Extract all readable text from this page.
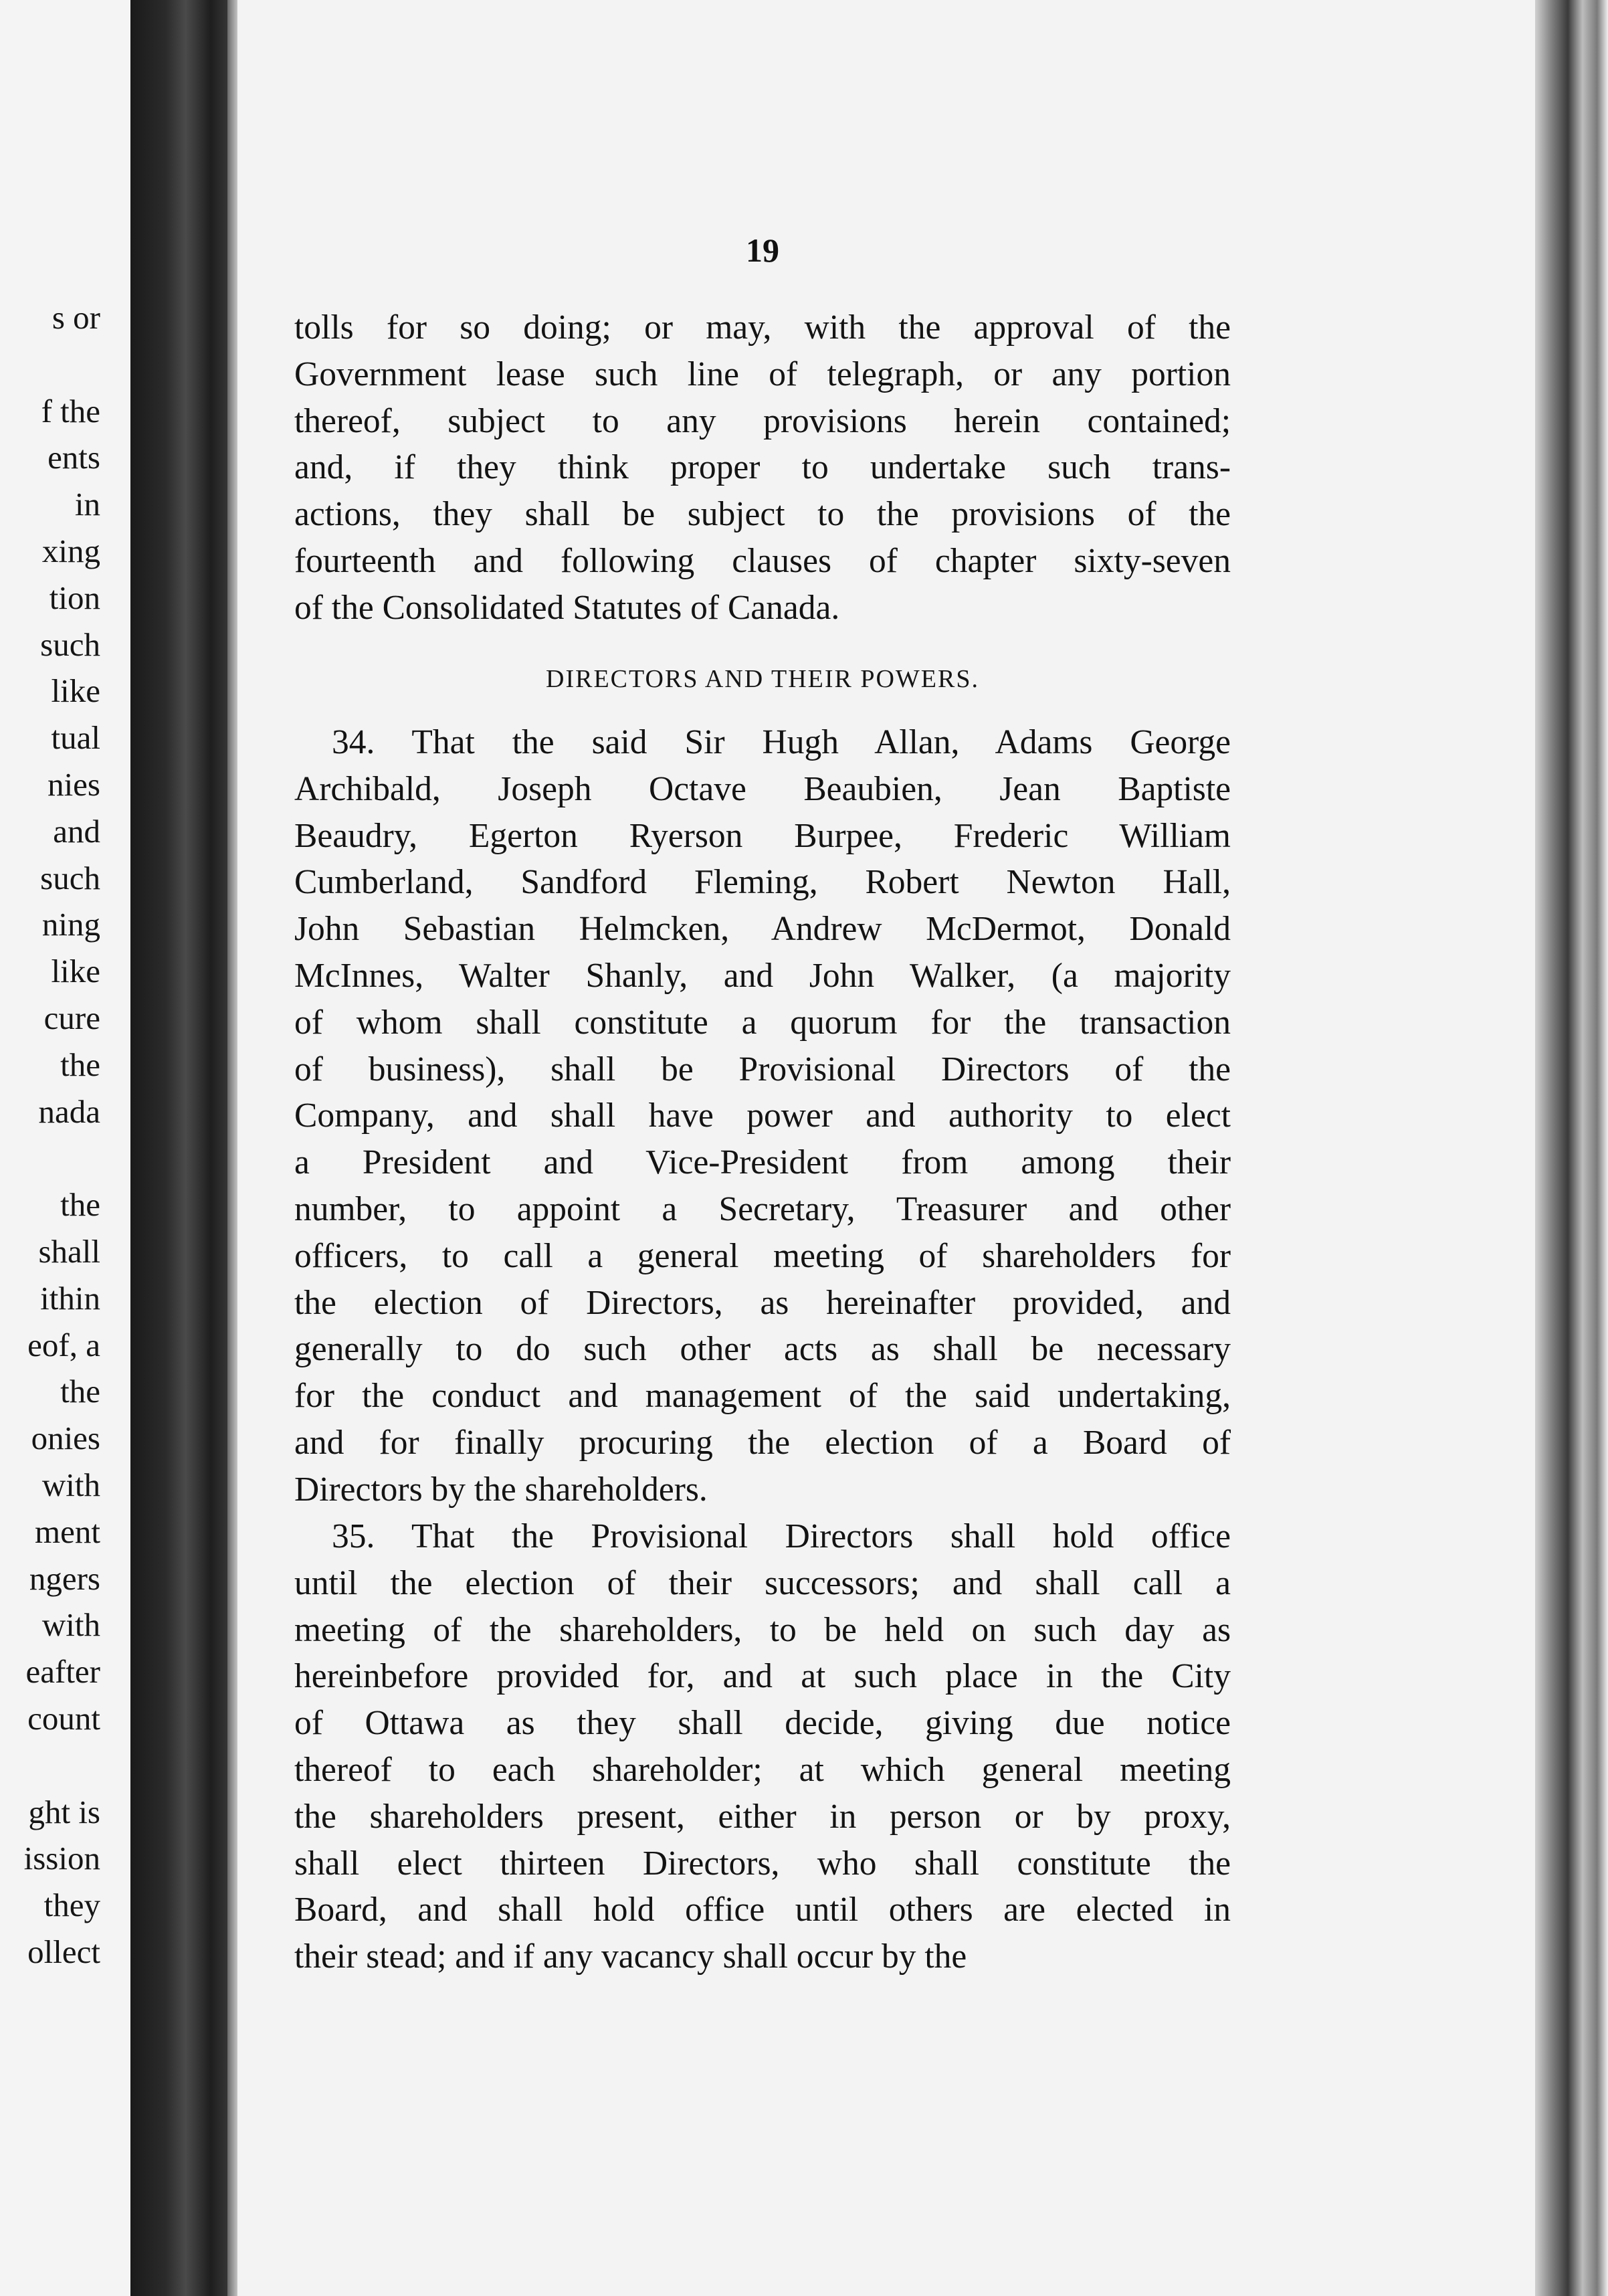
s or
f the
ents
in
xing
tion
such
like
tual
nies
and
such
ning
like
cure
the
nada
the
shall
ithin
eof, a
the
onies
with
ment
ngers
with
eafter
count
ght is
ission
they
ollect
19
tolls for so doing; or may, with the approval of the
Government lease such line of telegraph, or any portion
thereof, subject to any provisions herein contained;
and, if they think proper to undertake such trans-
actions, they shall be subject to the provisions of the
fourteenth and following clauses of chapter sixty-seven
of the Consolidated Statutes of Canada.
DIRECTORS AND THEIR POWERS.
34. That the said Sir Hugh Allan, Adams George
Archibald, Joseph Octave Beaubien, Jean Baptiste
Beaudry, Egerton Ryerson Burpee, Frederic William
Cumberland, Sandford Fleming, Robert Newton Hall,
John Sebastian Helmcken, Andrew McDermot, Donald
McInnes, Walter Shanly, and John Walker, (a majority
of whom shall constitute a quorum for the transaction
of business), shall be Provisional Directors of the
Company, and shall have power and authority to elect
a President and Vice-President from among their
number, to appoint a Secretary, Treasurer and other
officers, to call a general meeting of shareholders for
the election of Directors, as hereinafter provided, and
generally to do such other acts as shall be necessary
for the conduct and management of the said undertaking,
and for finally procuring the election of a Board of
Directors by the shareholders.
35. That the Provisional Directors shall hold office
until the election of their successors; and shall call a
meeting of the shareholders, to be held on such day as
hereinbefore provided for, and at such place in the City
of Ottawa as they shall decide, giving due notice
thereof to each shareholder; at which general meeting
the shareholders present, either in person or by proxy,
shall elect thirteen Directors, who shall constitute the
Board, and shall hold office until others are elected in
their stead; and if any vacancy shall occur by the
